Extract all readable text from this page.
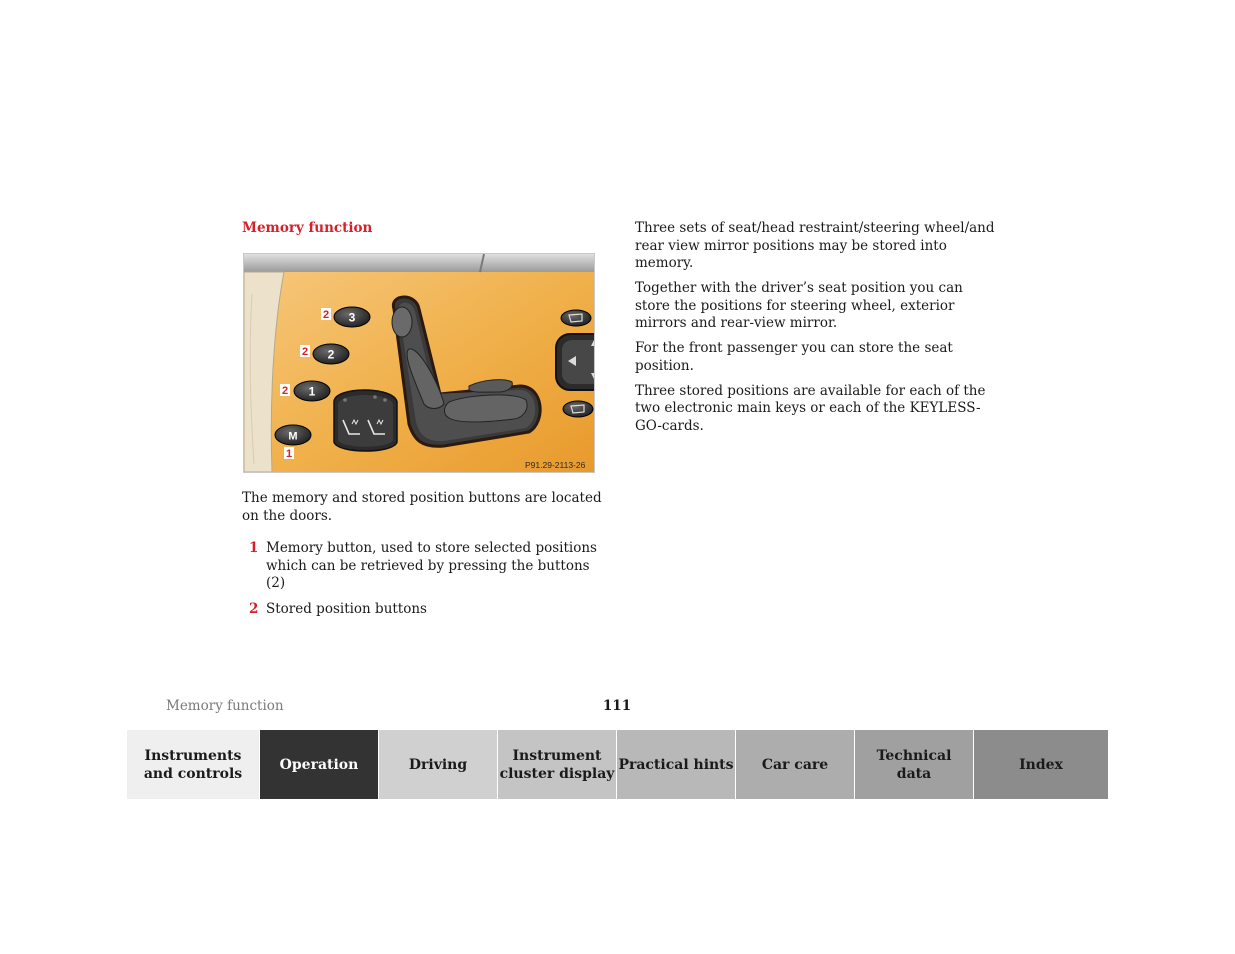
Memory function
3
2
1
M
2
2
2
1
P91.29-2113-26

The memory and stored position buttons are located on the doors.

1 Memory button, used to store selected positions which can be retrieved by pressing the buttons (2)
2 Stored position buttons

Three sets of seat/head restraint/steering wheel/and rear view mirror positions may be stored into memory.

Together with the driver’s seat position you can store the positions for steering wheel, exterior mirrors and rear-view mirror.

For the front passenger you can store the seat position.

Three stored positions are available for each of the two electronic main keys or each of the KEYLESS-GO-cards.

Memory function	111
Instruments
and controls
Operation	Driving
Instrument
cluster display
Practical hints	Car care
Technical
data
Index
